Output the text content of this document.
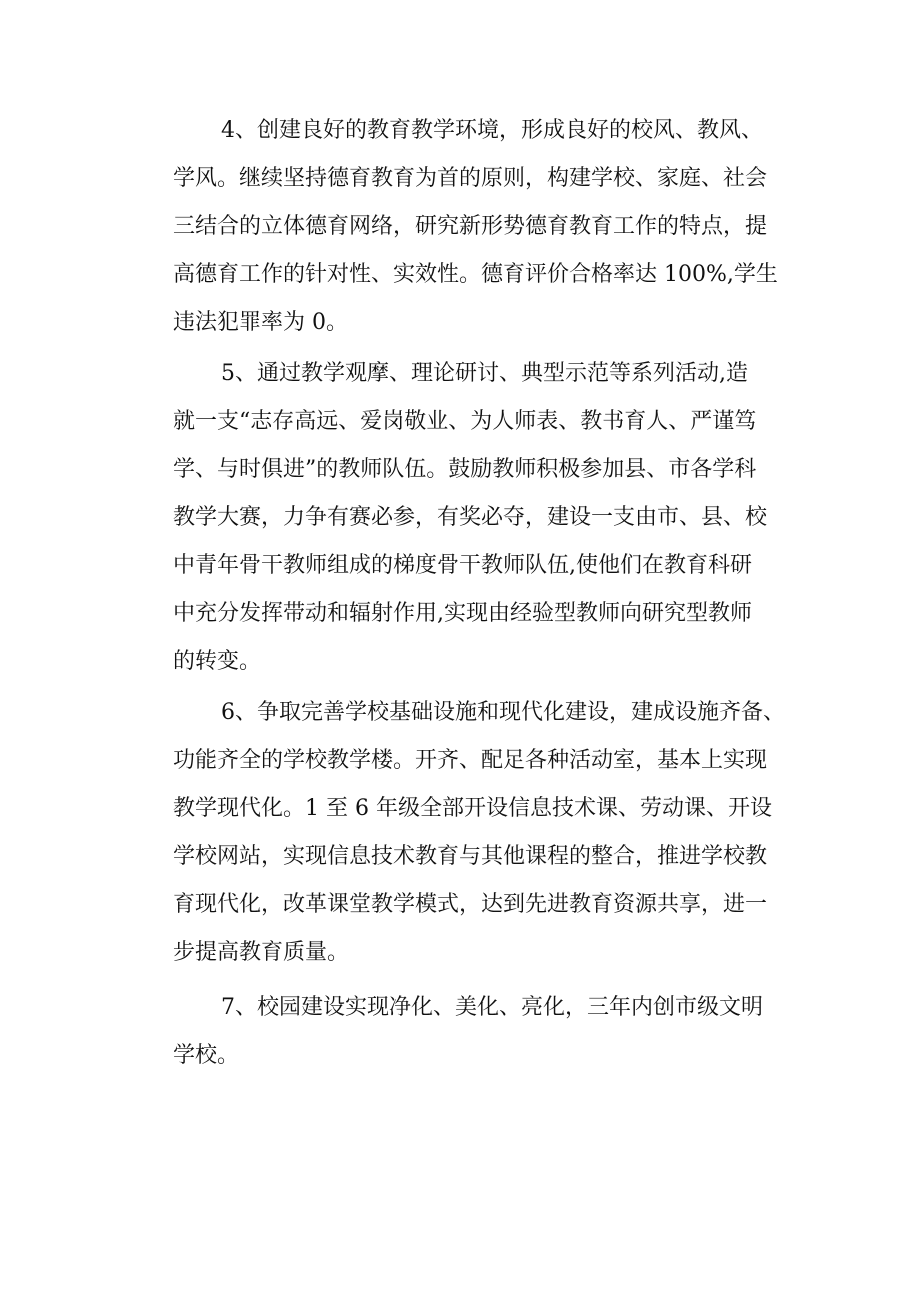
4、创建良好的教育教学环境，形成良好的校风、教风、
学风。继续坚持德育教育为首的原则，构建学校、家庭、社会
三结合的立体德育网络，研究新形势德育教育工作的特点，提
高德育工作的针对性、实效性。德育评价合格率达 100%,学生
违法犯罪率为 0。

5、通过教学观摩、理论研讨、典型示范等系列活动,造
就一支“志存高远、爱岗敬业、为人师表、教书育人、严谨笃
学、与时俱进”的教师队伍。鼓励教师积极参加县、市各学科
教学大赛，力争有赛必参，有奖必夺，建设一支由市、县、校
中青年骨干教师组成的梯度骨干教师队伍,使他们在教育科研
中充分发挥带动和辐射作用,实现由经验型教师向研究型教师
的转变。

6、争取完善学校基础设施和现代化建设，建成设施齐备、
功能齐全的学校教学楼。开齐、配足各种活动室，基本上实现
教学现代化。1 至 6 年级全部开设信息技术课、劳动课、开设
学校网站，实现信息技术教育与其他课程的整合，推进学校教
育现代化，改革课堂教学模式，达到先进教育资源共享，进一
步提高教育质量。

7、校园建设实现净化、美化、亮化，三年内创市级文明
学校。
